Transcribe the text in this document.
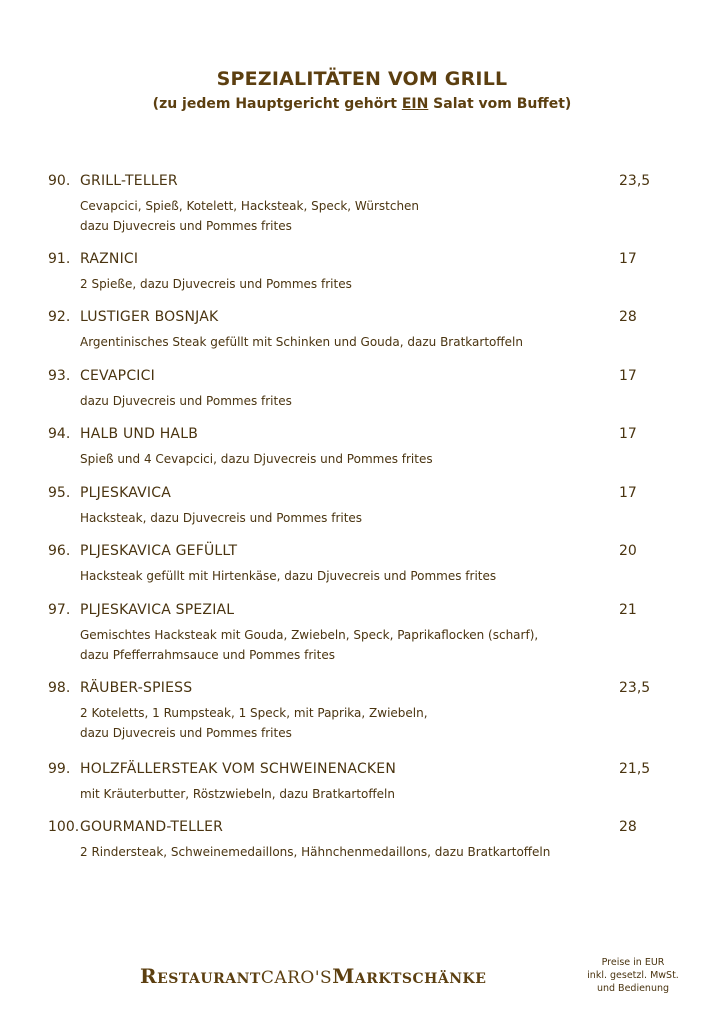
SPEZIALITÄTEN VOM GRILL
(zu jedem Hauptgericht gehört EIN Salat vom Buffet)
90. GRILL-TELLER	23,5
Cevapcici, Spieß, Kotelett, Hacksteak, Speck, Würstchen
dazu Djuvecreis und Pommes frites
91. RAZNICI	17
2 Spieße, dazu Djuvecreis und Pommes frites
92. LUSTIGER BOSNJAK	28
Argentinisches Steak gefüllt mit Schinken und Gouda, dazu Bratkartoffeln
93. CEVAPCICI	17
dazu Djuvecreis und Pommes frites
94. HALB UND HALB	17
Spieß und 4 Cevapcici, dazu Djuvecreis und Pommes frites
95. PLJESKAVICA	17
Hacksteak, dazu Djuvecreis und Pommes frites
96. PLJESKAVICA GEFÜLLT	20
Hacksteak gefüllt mit Hirtenkäse, dazu Djuvecreis und Pommes frites
97. PLJESKAVICA SPEZIAL	21
Gemischtes Hacksteak mit Gouda, Zwiebeln, Speck, Paprikaflocken (scharf),
dazu Pfefferrahmsauce und Pommes frites
98. RÄUBER-SPIESS	23,5
2 Koteletts, 1 Rumpsteak, 1 Speck, mit Paprika, Zwiebeln,
dazu Djuvecreis und Pommes frites
99. HOLZFÄLLERSTEAK VOM SCHWEINENACKEN	21,5
mit Kräuterbutter, Röstzwiebeln, dazu Bratkartoffeln
100. GOURMAND-TELLER	28
2 Rindersteak, Schweinemedaillons, Hähnchenmedaillons, dazu Bratkartoffeln
RestaurantCARO'SMarktschänke
Preise in EUR
inkl. gesetzl. MwSt.
und Bedienung
